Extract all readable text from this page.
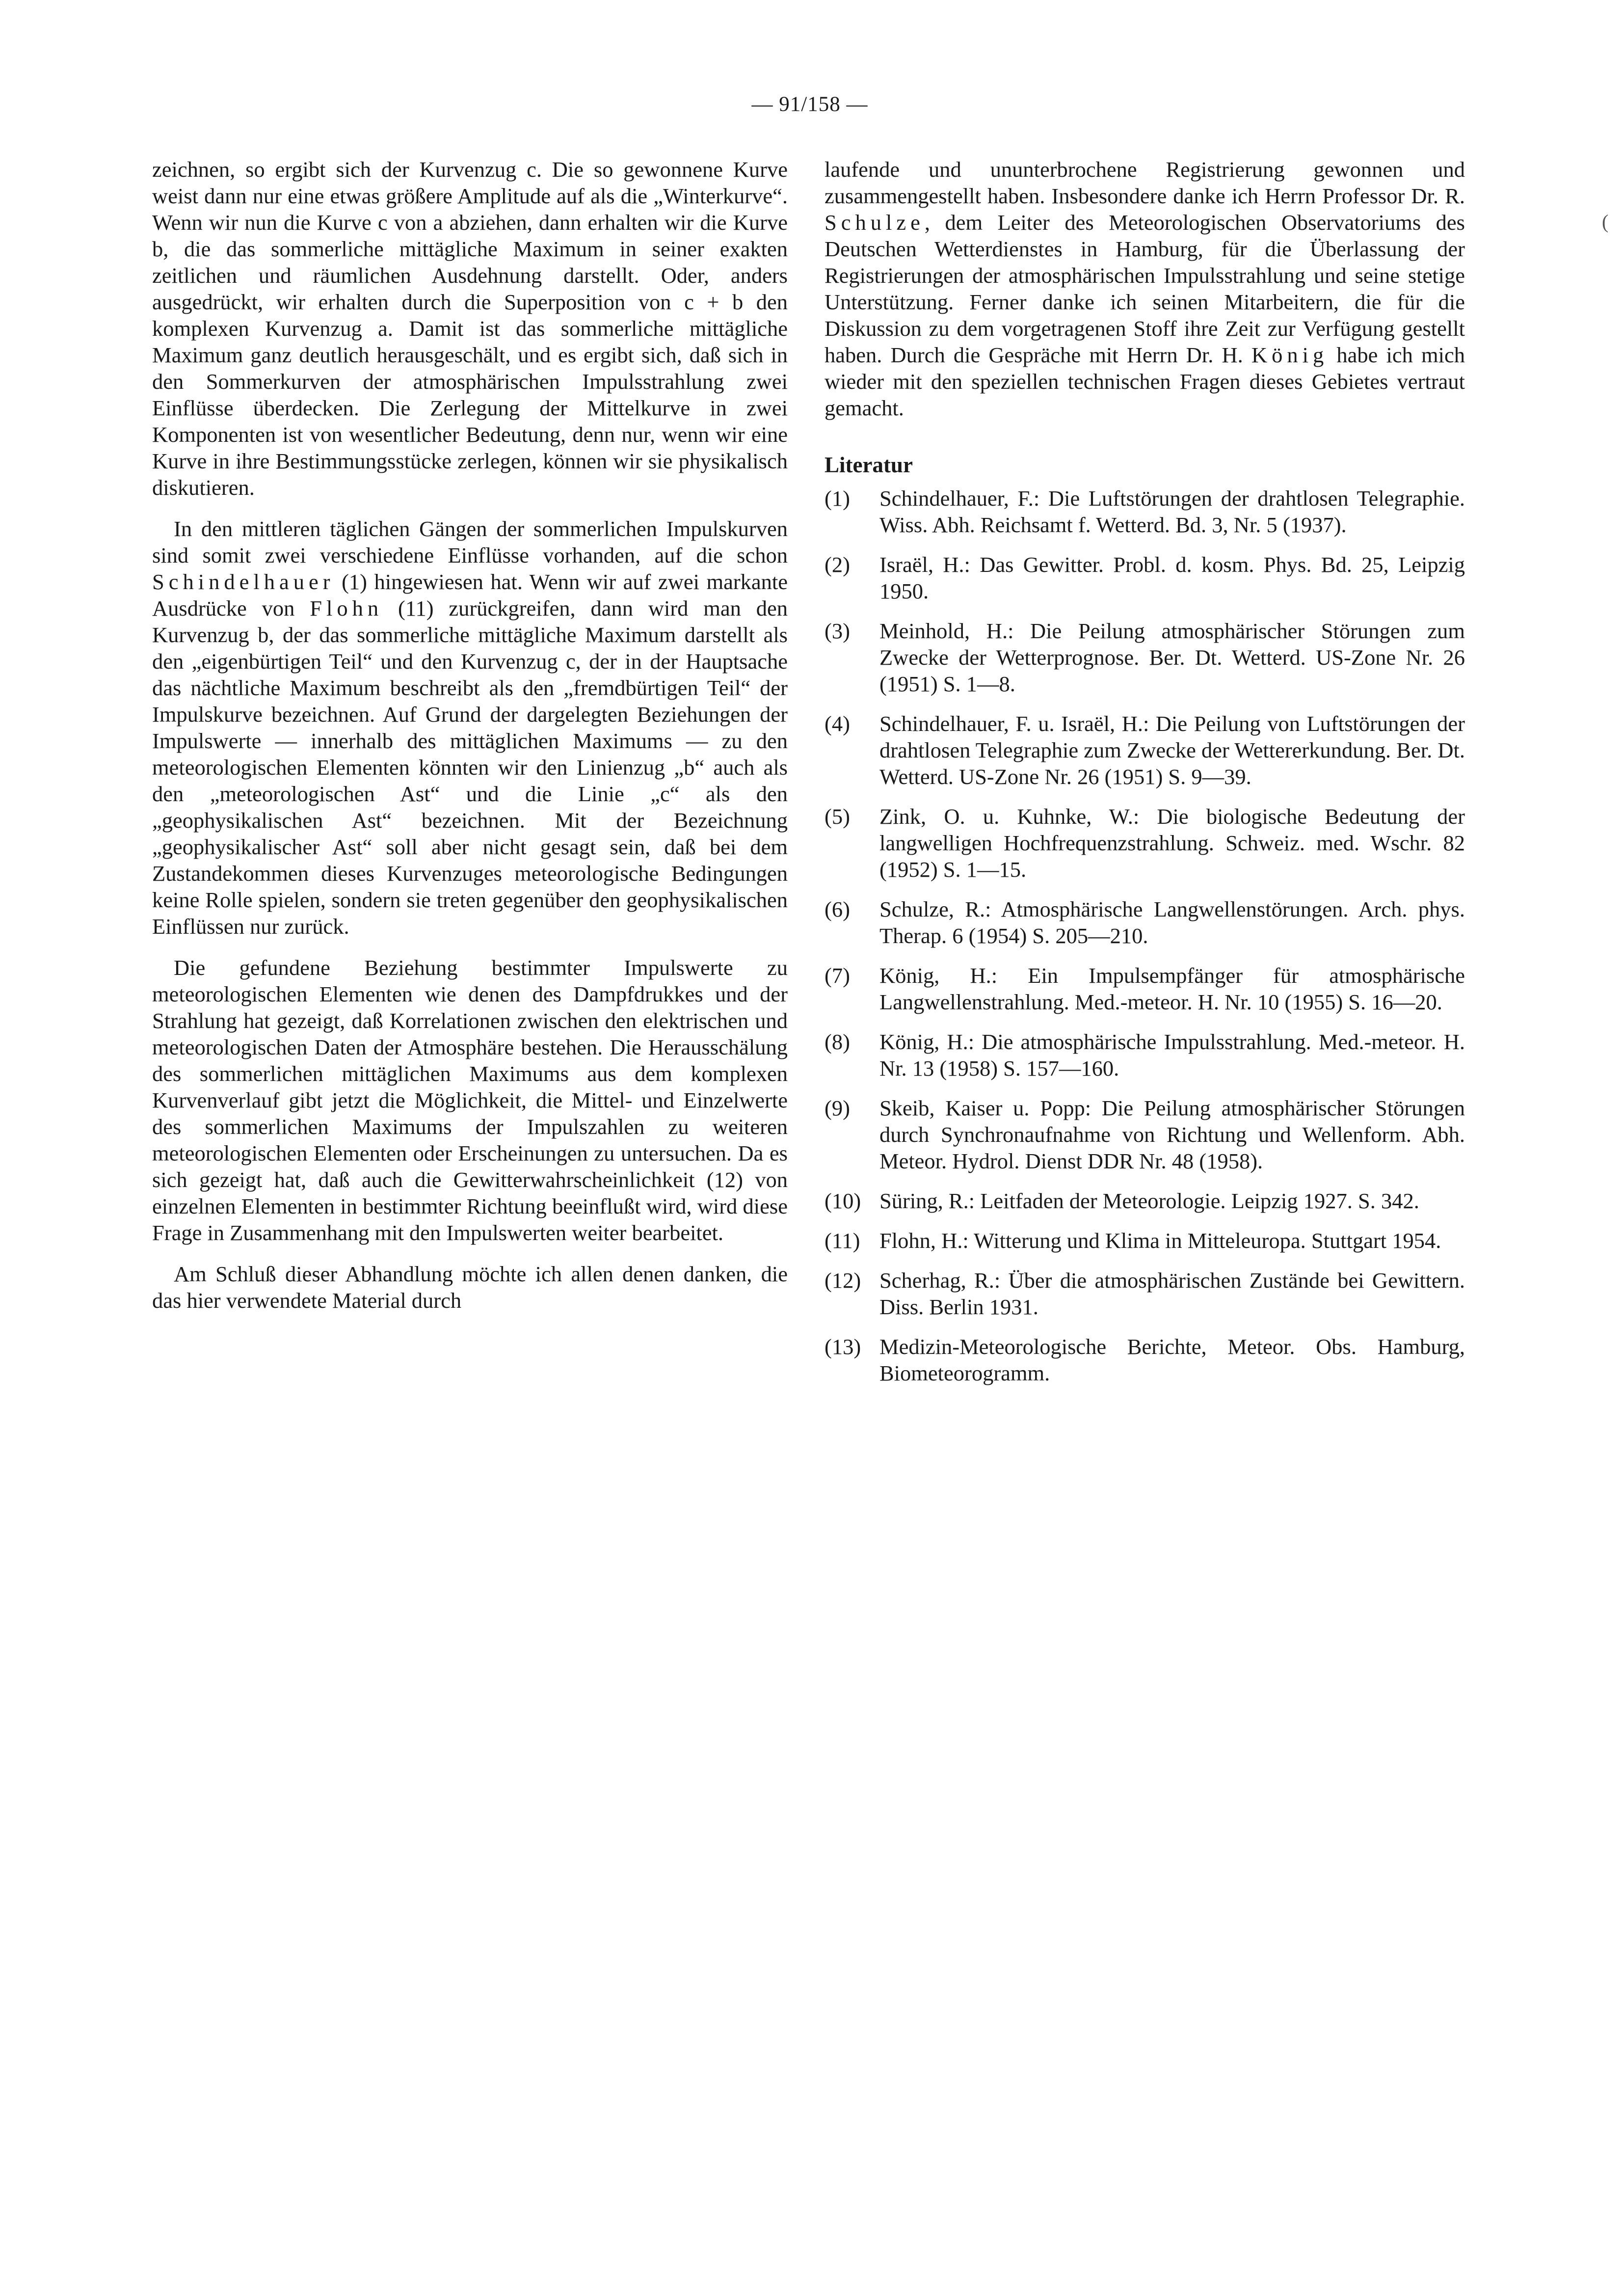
— 91/158 —
(

zeichnen, so ergibt sich der Kurvenzug c. Die so gewonnene Kurve weist dann nur eine etwas größere Amplitude auf als die „Winterkurve“. Wenn wir nun die Kurve c von a abziehen, dann erhalten wir die Kurve b, die das sommerliche mittägliche Maximum in seiner exakten zeitlichen und räumlichen Ausdehnung darstellt. Oder, anders ausgedrückt, wir erhalten durch die Superposition von c + b den komplexen Kurvenzug a. Damit ist das sommerliche mittägliche Maximum ganz deutlich herausgeschält, und es ergibt sich, daß sich in den Sommerkurven der atmosphärischen Impulsstrahlung zwei Einflüsse überdecken. Die Zerlegung der Mittelkurve in zwei Komponenten ist von wesentlicher Bedeutung, denn nur, wenn wir eine Kurve in ihre Bestimmungsstücke zerlegen, können wir sie physikalisch diskutieren.

In den mittleren täglichen Gängen der sommerlichen Impulskurven sind somit zwei verschiedene Einflüsse vorhanden, auf die schon Schindelhauer (1) hingewiesen hat. Wenn wir auf zwei markante Ausdrücke von Flohn (11) zurückgreifen, dann wird man den Kurvenzug b, der das sommerliche mittägliche Maximum darstellt als den „eigenbürtigen Teil“ und den Kurvenzug c, der in der Hauptsache das nächtliche Maximum beschreibt als den „fremdbürtigen Teil“ der Impulskurve bezeichnen. Auf Grund der dargelegten Beziehungen der Impulswerte — innerhalb des mittäglichen Maximums — zu den meteorologischen Elementen könnten wir den Linienzug „b“ auch als den „meteorologischen Ast“ und die Linie „c“ als den „geophysikalischen Ast“ bezeichnen. Mit der Bezeichnung „geophysikalischer Ast“ soll aber nicht gesagt sein, daß bei dem Zustandekommen dieses Kurvenzuges meteorologische Bedingungen keine Rolle spielen, sondern sie treten gegenüber den geophysikalischen Einflüssen nur zurück.

Die gefundene Beziehung bestimmter Impulswerte zu meteorologischen Elementen wie denen des Dampfdrukkes und der Strahlung hat gezeigt, daß Korrelationen zwischen den elektrischen und meteorologischen Daten der Atmosphäre bestehen. Die Herausschälung des sommerlichen mittäglichen Maximums aus dem komplexen Kurvenverlauf gibt jetzt die Möglichkeit, die Mittel- und Einzelwerte des sommerlichen Maximums der Impulszahlen zu weiteren meteorologischen Elementen oder Erscheinungen zu untersuchen. Da es sich gezeigt hat, daß auch die Gewitterwahrscheinlichkeit (12) von einzelnen Elementen in bestimmter Richtung beeinflußt wird, wird diese Frage in Zusammenhang mit den Impulswerten weiter bearbeitet.

Am Schluß dieser Abhandlung möchte ich allen denen danken, die das hier verwendete Material durch

laufende und ununterbrochene Registrierung gewonnen und zusammengestellt haben. Insbesondere danke ich Herrn Professor Dr. R. Schulze, dem Leiter des Meteorologischen Observatoriums des Deutschen Wetterdienstes in Hamburg, für die Überlassung der Registrierungen der atmosphärischen Impulsstrahlung und seine stetige Unterstützung. Ferner danke ich seinen Mitarbeitern, die für die Diskussion zu dem vorgetragenen Stoff ihre Zeit zur Verfügung gestellt haben. Durch die Gespräche mit Herrn Dr. H. König habe ich mich wieder mit den speziellen technischen Fragen dieses Gebietes vertraut gemacht.

Literatur
(1)	Schindelhauer, F.: Die Luftstörungen der drahtlosen Telegraphie. Wiss. Abh. Reichsamt f. Wetterd. Bd. 3, Nr. 5 (1937).
(2)	Israël, H.: Das Gewitter. Probl. d. kosm. Phys. Bd. 25, Leipzig 1950.
(3)	Meinhold, H.: Die Peilung atmosphärischer Störungen zum Zwecke der Wetterprognose. Ber. Dt. Wetterd. US-Zone Nr. 26 (1951) S. 1—8.
(4)	Schindelhauer, F. u. Israël, H.: Die Peilung von Luftstörungen der drahtlosen Telegraphie zum Zwecke der Wettererkundung. Ber. Dt. Wetterd. US-Zone Nr. 26 (1951) S. 9—39.
(5)	Zink, O. u. Kuhnke, W.: Die biologische Bedeutung der langwelligen Hochfrequenzstrahlung. Schweiz. med. Wschr. 82 (1952) S. 1—15.
(6)	Schulze, R.: Atmosphärische Langwellenstörungen. Arch. phys. Therap. 6 (1954) S. 205—210.
(7)	König, H.: Ein Impulsempfänger für atmosphärische Langwellenstrahlung. Med.-meteor. H. Nr. 10 (1955) S. 16—20.
(8)	König, H.: Die atmosphärische Impulsstrahlung. Med.-meteor. H. Nr. 13 (1958) S. 157—160.
(9)	Skeib, Kaiser u. Popp: Die Peilung atmosphärischer Störungen durch Synchronaufnahme von Richtung und Wellenform. Abh. Meteor. Hydrol. Dienst DDR Nr. 48 (1958).
(10) Süring, R.: Leitfaden der Meteorologie. Leipzig 1927. S. 342.
(11) Flohn, H.: Witterung und Klima in Mitteleuropa. Stuttgart 1954.
(12) Scherhag, R.: Über die atmosphärischen Zustände bei Gewittern. Diss. Berlin 1931.
(13) Medizin-Meteorologische Berichte, Meteor. Obs. Hamburg, Biometeorogramm.
